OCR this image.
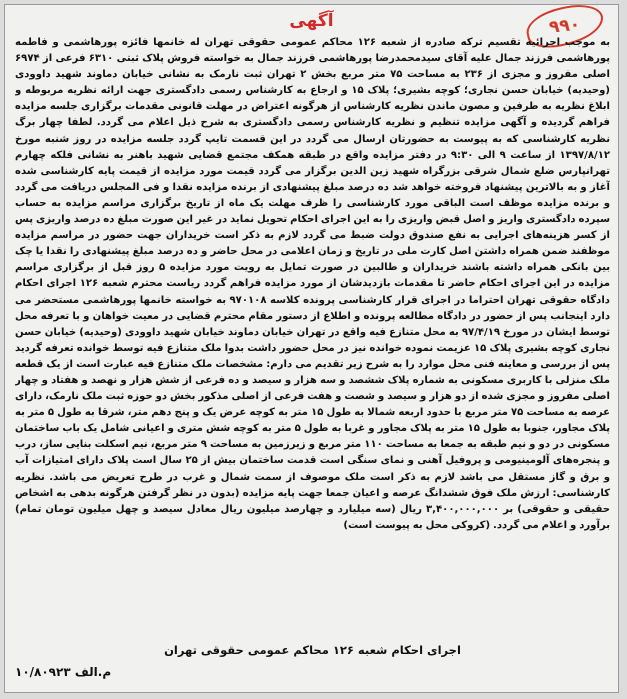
۹۹۰
آگهی
به موجب اجرائیه تقسیم ترکه صادره از شعبه ۱۲۶ محاکم عمومی حقوقی تهران له خانمها فائزه پورهاشمی و فاطمه پورهاشمی فرزند جمال علیه آقای سیدمحمدرضا پورهاشمی فرزند جمال به خواسته فروش پلاک ثبتی ۶۳۱۰ فرعی از ۶۹۷۴ اصلی مفروز و مجزی از ۲۳۶ به مساحت ۷۵ متر مربع بخش ۲ تهران ثبت نارمک به نشانی خیابان دماوند شهید داوودی (وحیدیه) خیابان حسن نجاری؛ کوچه بشیری؛ پلاک ۱۵ و ارجاع به کارشناس رسمی دادگستری جهت ارائه نظریه مربوطه و ابلاغ نظریه به طرفین و مصون ماندن نظریه کارشناس از هرگونه اعتراض در مهلت قانونی مقدمات برگزاری جلسه مزایده فراهم گردیده و آگهی مزایده تنظیم و نظریه کارشناس رسمی دادگستری به شرح ذیل اعلام می گردد. لطفا چهار برگ نظریه کارشناسی که به پیوست به حضورتان ارسال می گردد در این قسمت تایپ گردد جلسه مزایده در روز شنبه مورخ ۱۳۹۷/۸/۱۲ از ساعت ۹ الی ۹:۳۰ در دفتر مزایده واقع در طبقه همکف مجتمع قضایی شهید باهنر به نشانی فلکه چهارم تهرانپارس ضلع شمال شرقی بزرگراه شهید زین الدین برگزار می گردد قیمت مورد مزایده از قیمت پایه کارشناسی شده آغاز و به بالاترین پیشنهاد فروخته خواهد شد ده درصد مبلغ پیشنهادی از برنده مزایده نقدا و فی المجلس دریافت می گردد و برنده مزایده موظف است الباقی مورد کارشناسی را ظرف مهلت یک ماه از تاریخ برگزاری مراسم مزایده به حساب سپرده دادگستری واریز و اصل قبض واریزی را به این اجرای احکام تحویل نماید در غیر این صورت مبلغ ده درصد واریزی پس از کسر هزینه‌های اجرایی به نفع صندوق دولت ضبط می گردد لازم به ذکر است خریداران جهت حضور در مراسم مزایده موظفند ضمن همراه داشتن اصل کارت ملی در تاریخ و زمان اعلامی در محل حاضر و ده درصد مبلغ پیشنهادی را نقدا یا چک بین بانکی همراه داشته باشند خریداران و طالبین در صورت تمایل به رویت مورد مزایده ۵ روز قبل از برگزاری مراسم مزایده در این اجرای احکام حاضر تا مقدمات بازدیدشان از مورد مزایده فراهم گردد ریاست محترم شعبه ۱۲۶ اجرای احکام دادگاه حقوقی تهران احتراما در اجرای قرار کارشناسی پرونده کلاسه ۹۷۰۱۰۸ به خواسته خانمها پورهاشمی مستحضر می دارد اینجانب پس از حضور در دادگاه مطالعه پرونده و اطلاع از دستور مقام محترم قضایی در معیت خواهان و با تعرفه محل توسط ایشان در مورخ ۹۷/۴/۱۹ به محل متنازع فیه واقع در تهران خیابان دماوند خیابان شهید داوودی (وحیدیه) خیابان حسن نجاری کوچه بشیری پلاک ۱۵ عزیمت نموده خوانده نیز در محل حضور داشت بدوا ملک متنازع فیه توسط خوانده تعرفه گردید پس از بررسی و معاینه فنی محل موارد را به شرح زیر تقدیم می دارم: مشخصات ملک متنازع فیه عبارت است از یک قطعه ملک منزلی با کاربری مسکونی به شماره پلاک ششصد و سه هزار و سیصد و ده فرعی از شش هزار و نهصد و هفتاد و چهار اصلی مفروز و مجزی شده از دو هزار و سیصد و شصت و هفت فرعی از اصلی مذکور بخش دو حوزه ثبت ملک نارمک، دارای عرصه به مساحت ۷۵ متر مربع با حدود اربعه شمالا به طول ۱۵ متر به کوچه عرض یک و پنج دهم متر، شرقا به طول ۵ متر به پلاک مجاور، جنوبا به طول ۱۵ متر به پلاک مجاور و غربا به طول ۵ متر به کوچه شش متری و اعیانی شامل یک باب ساختمان مسکونی در دو و نیم طبقه به جمعا به مساحت ۱۱۰ متر مربع و زیرزمین به مساحت ۹ متر مربع، نیم اسکلت بنایی ساز، درب و پنجره‌های آلومینیومی و پروفیل آهنی و نمای سنگی است قدمت ساختمان بیش از ۲۵ سال است پلاک دارای امتیازات آب و برق و گاز مستقل می باشد لازم به ذکر است ملک موصوف از سمت شمال و غرب در طرح تعریض می باشد. نظریه کارشناسی: ارزش ملک فوق ششدانگ عرصه و اعیان جمعا جهت پایه مزایده (بدون در نظر گرفتن هرگونه بدهی به اشخاص حقیقی و حقوقی) بر ۳,۴۰۰,۰۰۰,۰۰۰ ریال (سه میلیارد و چهارصد میلیون ریال معادل سیصد و چهل میلیون تومان تمام) برآورد و اعلام می گردد. (کروکی محل به پیوست است)
اجرای احکام شعبه ۱۲۶ محاکم عمومی حقوقی تهران
۱۰/۸۰۹۲۳ م.الف
